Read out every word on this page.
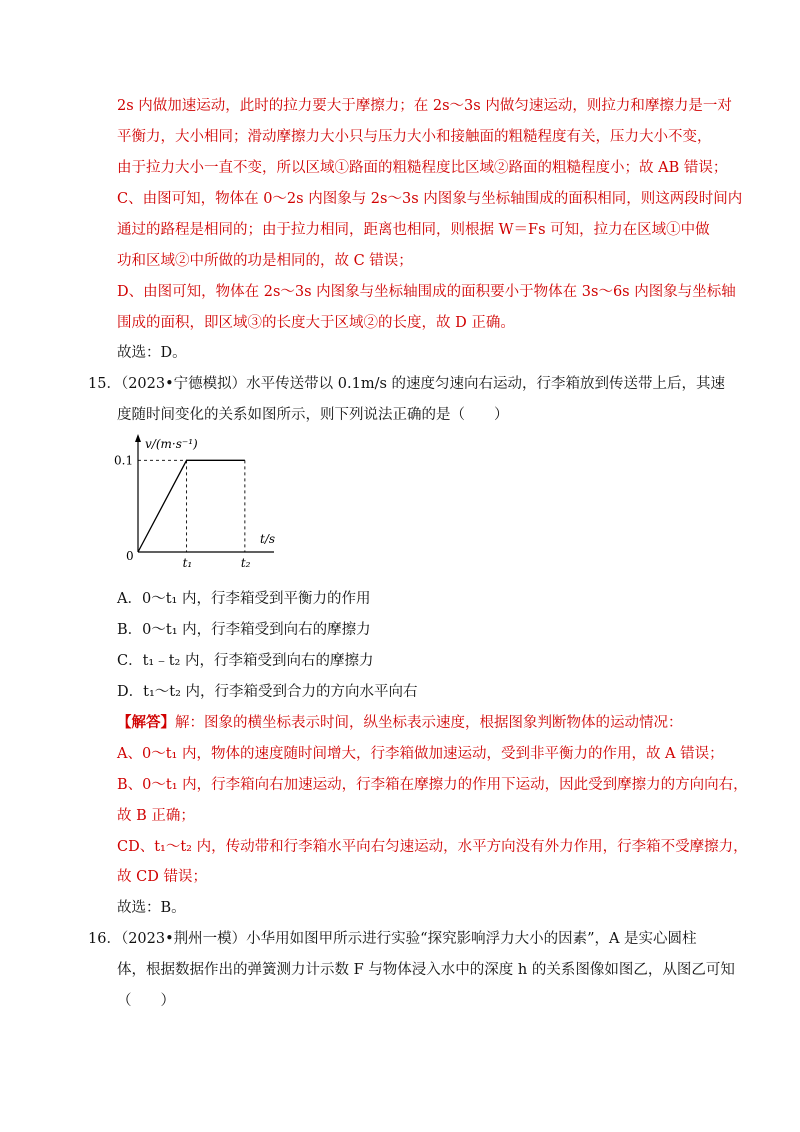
2s 内做加速运动，此时的拉力要大于摩擦力；在 2s～3s 内做匀速运动，则拉力和摩擦力是一对
平衡力，大小相同；滑动摩擦力大小只与压力大小和接触面的粗糙程度有关，压力大小不变，
由于拉力大小一直不变，所以区域①路面的粗糙程度比区域②路面的粗糙程度小；故 AB 错误；
C、由图可知，物体在 0～2s 内图象与 2s～3s 内图象与坐标轴围成的面积相同，则这两段时间内
通过的路程是相同的；由于拉力相同，距离也相同，则根据 W＝Fs 可知，拉力在区域①中做
功和区域②中所做的功是相同的，故 C 错误；
D、由图可知，物体在 2s～3s 内图象与坐标轴围成的面积要小于物体在 3s～6s 内图象与坐标轴
围成的面积，即区域③的长度大于区域②的长度，故 D 正确。
故选：D。
15．（2023•宁德模拟）水平传送带以 0.1m/s 的速度匀速向右运动，行李箱放到传送带上后，其速
度随时间变化的关系如图所示，则下列说法正确的是（　　）
v/(m·s⁻¹)
t/s
0
0.1
t₁	t₂
A．0～t₁ 内，行李箱受到平衡力的作用
B．0～t₁ 内，行李箱受到向右的摩擦力
C．t₁﹣t₂ 内，行李箱受到向右的摩擦力
D．t₁～t₂ 内，行李箱受到合力的方向水平向右
【解答】解：图象的横坐标表示时间，纵坐标表示速度，根据图象判断物体的运动情况：
A、0～t₁ 内，物体的速度随时间增大，行李箱做加速运动，受到非平衡力的作用，故 A 错误；
B、0～t₁ 内，行李箱向右加速运动，行李箱在摩擦力的作用下运动，因此受到摩擦力的方向向右，
故 B 正确；
CD、t₁～t₂ 内，传动带和行李箱水平向右匀速运动，水平方向没有外力作用，行李箱不受摩擦力，
故 CD 错误；
故选：B。
16．（2023•荆州一模）小华用如图甲所示进行实验“探究影响浮力大小的因素”，A 是实心圆柱
体，根据数据作出的弹簧测力计示数 F 与物体浸入水中的深度 h 的关系图像如图乙，从图乙可知
（　　）
